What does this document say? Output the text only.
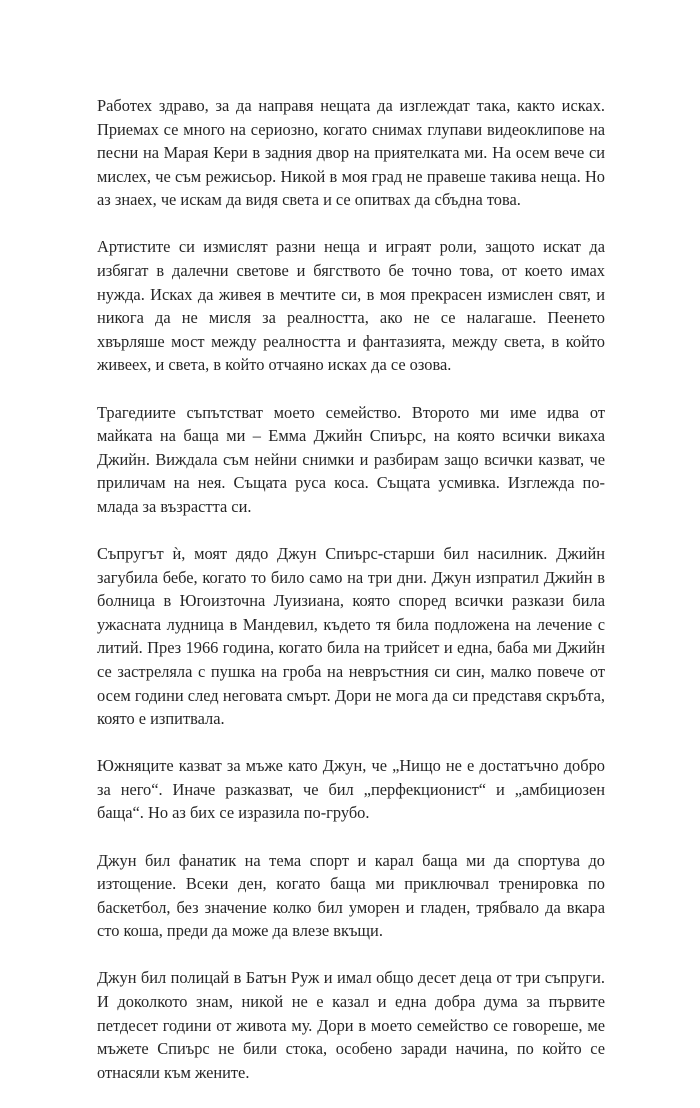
Работех здраво, за да направя нещата да изглеждат така, както исках. Приемах се много на сериозно, когато снимах глупави видеоклипове на песни на Марая Кери в задния двор на приятелката ми. На осем вече си мислех, че съм режисьор. Никой в моя град не правеше такива неща. Но аз знаех, че искам да видя света и се опитвах да сбъдна това.

Артистите си измислят разни неща и играят роли, защото искат да избягат в далечни светове и бягството бе точно това, от което имах нужда. Исках да живея в мечтите си, в моя прекрасен измислен свят, и никога да не мисля за реалността, ако не се налагаше. Пеенето хвърляше мост между реалността и фантазията, между света, в който живеех, и света, в който отчаяно исках да се озова.

Трагедиите съпътстват моето семейство. Второто ми име идва от майката на баща ми – Емма Джийн Спиърс, на която всички викаха Джийн. Виждала съм нейни снимки и разбирам защо всички казват, че приличам на нея. Същата руса коса. Същата усмивка. Изглежда по-млада за възрастта си.

Съпругът ѝ, моят дядо Джун Спиърс-старши бил насилник. Джийн загубила бебе, когато то било само на три дни. Джун изпратил Джийн в болница в Югоизточна Луизиана, която според всички разкази била ужасната лудница в Мандевил, където тя била подложена на лечение с литий. През 1966 година, когато била на трийсет и една, баба ми Джийн се застреляла с пушка на гроба на невръстния си син, малко повече от осем години след неговата смърт. Дори не мога да си представя скръбта, която е изпитвала.

Южняците казват за мъже като Джун, че „Нищо не е достатъчно добро за него“. Иначе разказват, че бил „перфекционист“ и „амбициозен баща“. Но аз бих се изразила по-грубо.

Джун бил фанатик на тема спорт и карал баща ми да спортува до изтощение. Всеки ден, когато баща ми приключвал тренировка по баскетбол, без значение колко бил уморен и гладен, трябвало да вкара сто коша, преди да може да влезе вкъщи.

Джун бил полицай в Батън Руж и имал общо десет деца от три съпруги. И доколкото знам, никой не е казал и една добра дума за първите петдесет години от живота му. Дори в моето семейство се говореше, ме мъжете Спиърс не били стока, особено заради начина, по който се отнасяли към жените.
